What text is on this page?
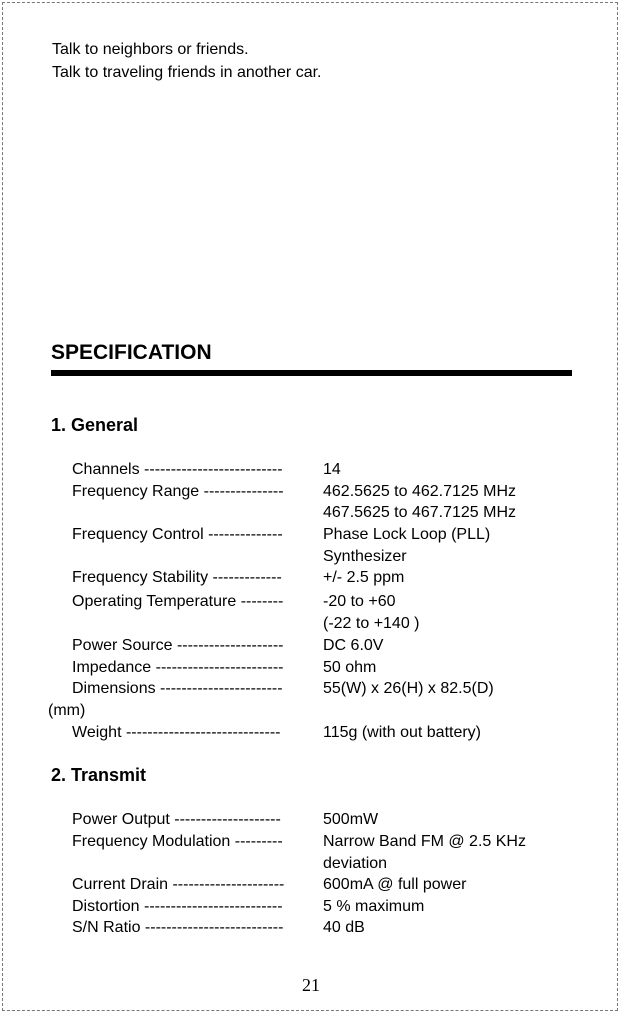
Talk to neighbors or friends.
Talk to traveling friends in another car.
SPECIFICATION
1. General
Channels --------------------------	14
Frequency Range --------------- 462.5625 to 462.7125 MHz
467.5625 to 467.7125 MHz
Frequency Control --------------	Phase Lock Loop (PLL)
Synthesizer
Frequency Stability -------------	+/- 2.5 ppm
Operating Temperature -------- -20 to +60
(-22 to +140 )
Power Source -------------------- DC 6.0V
Impedance ------------------------ 50 ohm
Dimensions -----------------------	55(W) x 26(H) x 82.5(D)
(mm)
Weight -----------------------------	115g (with out battery)
2. Transmit
Power Output --------------------	500mW
Frequency Modulation ---------	Narrow Band FM @ 2.5 KHz
deviation
Current Drain --------------------- 600mA @ full power
Distortion --------------------------	5 % maximum
S/N Ratio -------------------------- 40 dB
21
